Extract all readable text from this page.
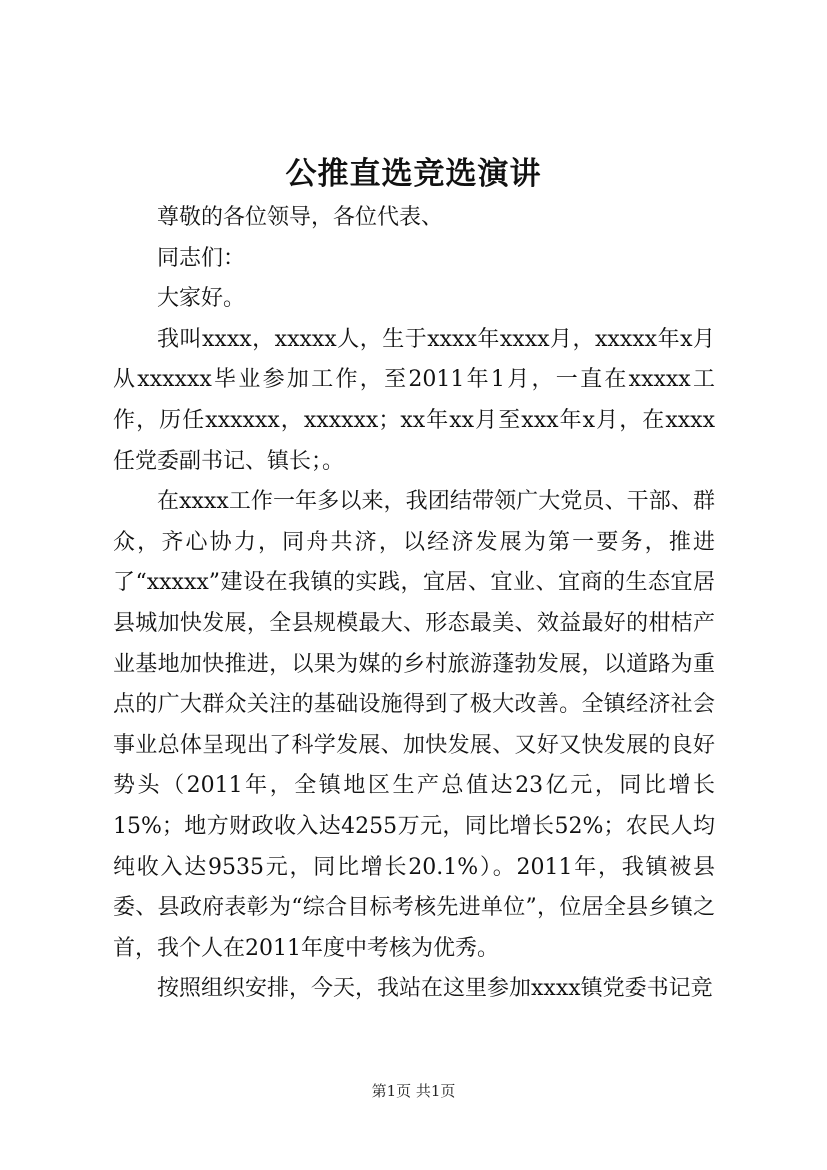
公推直选竞选演讲

尊敬的各位领导，各位代表、

同志们：

大家好。

我叫xxxx，xxxxx人，生于xxxx年xxxx月，xxxxx年x月从xxxxxx毕业参加工作，至2011年1月，一直在xxxxx工作，历任xxxxxx，xxxxxx；xx年xx月至xxx年x月，在xxxx任党委副书记、镇长；。

在xxxx工作一年多以来，我团结带领广大党员、干部、群众，齐心协力，同舟共济，以经济发展为第一要务，推进了“xxxxx”建设在我镇的实践，宜居、宜业、宜商的生态宜居县城加快发展，全县规模最大、形态最美、效益最好的柑桔产业基地加快推进，以果为媒的乡村旅游蓬勃发展，以道路为重点的广大群众关注的基础设施得到了极大改善。全镇经济社会事业总体呈现出了科学发展、加快发展、又好又快发展的良好势头（2011年，全镇地区生产总值达23亿元，同比增长15%；地方财政收入达4255万元，同比增长52%；农民人均纯收入达9535元，同比增长20.1%）。2011年，我镇被县委、县政府表彰为“综合目标考核先进单位”，位居全县乡镇之首，我个人在2011年度中考核为优秀。

按照组织安排，今天，我站在这里参加xxxx镇党委书记竞

第1页 共1页
